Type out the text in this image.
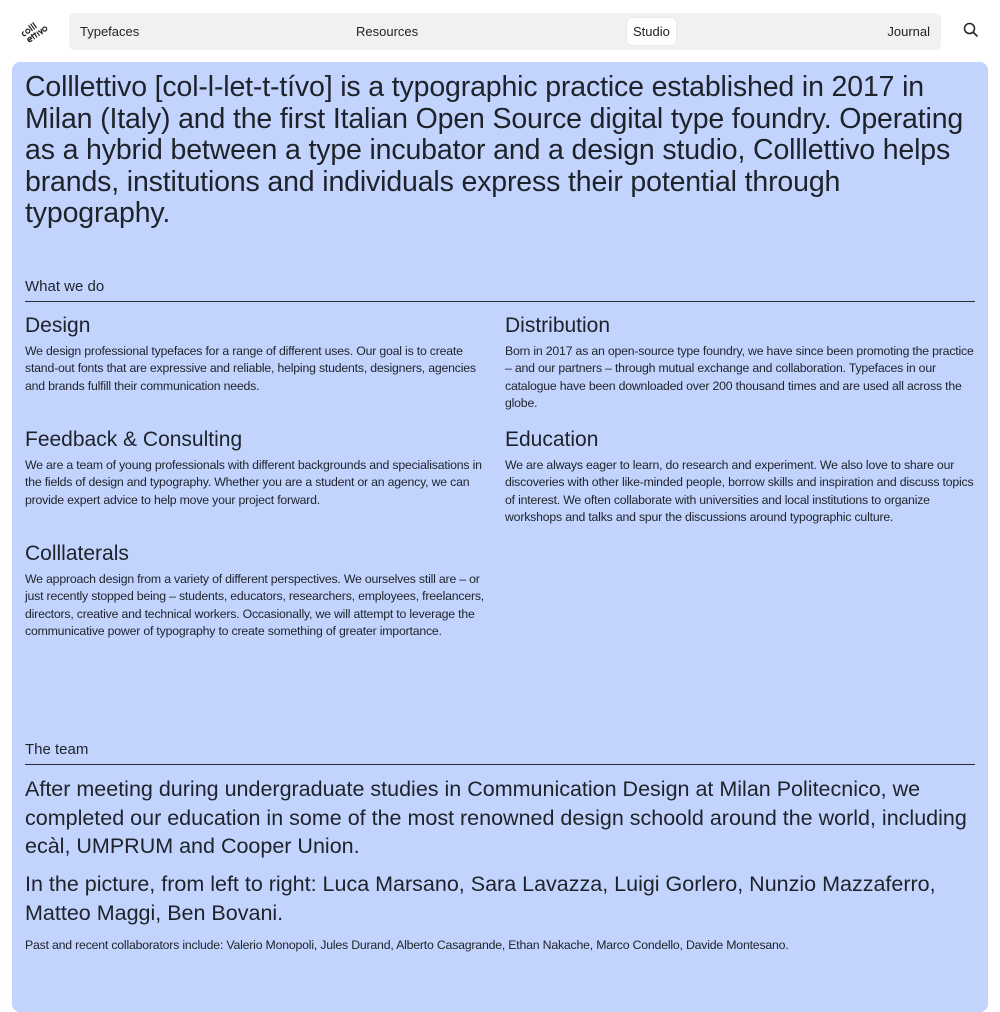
Typefaces	Resources	Studio	Journal
Colllettivo [col-l-let-t-tívo] is a typographic practice established in 2017 in Milan (Italy) and the first Italian Open Source digital type foundry. Operating as a hybrid between a type incubator and a design studio, Colllettivo helps brands, institutions and individuals express their potential through typography.
What we do
Design

We design professional typefaces for a range of different uses. Our goal is to create stand-out fonts that are expressive and reliable, helping students, designers, agencies and brands fulfill their communication needs.

Distribution

Born in 2017 as an open-source type foundry, we have since been promoting the practice – and our partners – through mutual exchange and collaboration. Typefaces in our catalogue have been downloaded over 200 thousand times and are used all across the globe.

Feedback & Consulting

We are a team of young professionals with different backgrounds and specialisations in the fields of design and typography. Whether you are a student or an agency, we can provide expert advice to help move your project forward.

Education

We are always eager to learn, do research and experiment. We also love to share our discoveries with other like-minded people, borrow skills and inspiration and discuss topics of interest. We often collaborate with universities and local institutions to organize workshops and talks and spur the discussions around typographic culture.

Colllaterals

We approach design from a variety of different perspectives. We ourselves still are – or just recently stopped being – students, educators, researchers, employees, freelancers, directors, creative and technical workers. Occasionally, we will attempt to leverage the communicative power of typography to create something of greater importance.

The team

After meeting during undergraduate studies in Communication Design at Milan Politecnico, we completed our education in some of the most renowned design schoold around the world, including ecàl, UMPRUM and Cooper Union.

In the picture, from left to right: Luca Marsano, Sara Lavazza, Luigi Gorlero, Nunzio Mazzaferro, Matteo Maggi, Ben Bovani.

Past and recent collaborators include: Valerio Monopoli, Jules Durand, Alberto Casagrande, Ethan Nakache, Marco Condello, Davide Montesano.
